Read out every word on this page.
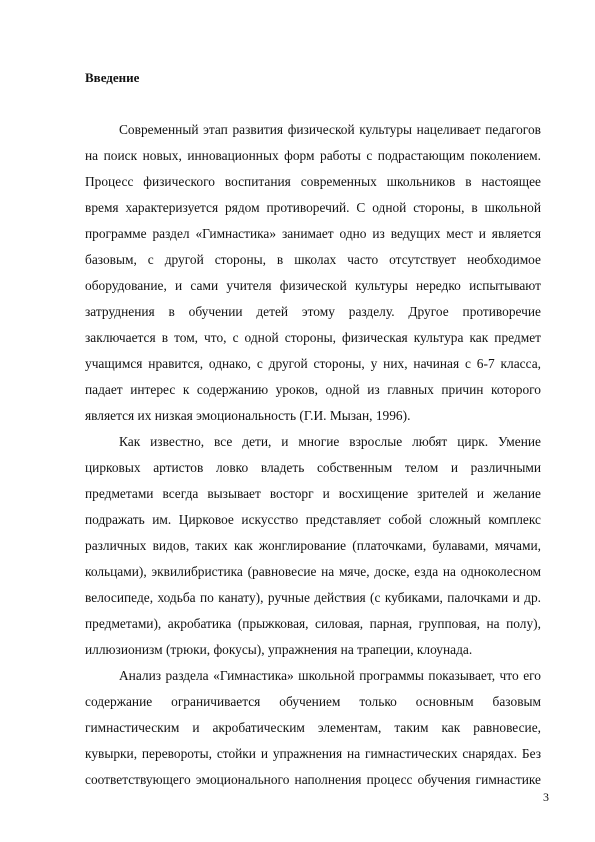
Введение
Современный этап развития физической культуры нацеливает педагогов
на поиск новых, инновационных форм работы с подрастающим поколением.
Процесс физического воспитания современных школьников в настоящее
время характеризуется рядом противоречий. С одной стороны, в школьной
программе раздел «Гимнастика» занимает одно из ведущих мест и является
базовым, с другой стороны, в школах часто отсутствует необходимое
оборудование, и сами учителя физической культуры нередко испытывают
затруднения в обучении детей этому разделу. Другое противоречие
заключается в том, что, с одной стороны, физическая культура как предмет
учащимся нравится, однако, с другой стороны, у них, начиная с 6-7 класса,
падает интерес к содержанию уроков, одной из главных причин которого
является их низкая эмоциональность (Г.И. Мызан, 1996).
Как известно, все дети, и многие взрослые любят цирк. Умение
цирковых артистов ловко владеть собственным телом и различными
предметами всегда вызывает восторг и восхищение зрителей и желание
подражать им. Цирковое искусство представляет собой сложный комплекс
различных видов, таких как жонглирование (платочками, булавами, мячами,
кольцами), эквилибристика (равновесие на мяче, доске, езда на одноколесном
велосипеде, ходьба по канату), ручные действия (с кубиками, палочками и др.
предметами), акробатика (прыжковая, силовая, парная, групповая, на полу),
иллюзионизм (трюки, фокусы), упражнения на трапеции, клоунада.
Анализ раздела «Гимнастика» школьной программы показывает, что его
содержание ограничивается обучением только основным базовым
гимнастическим и акробатическим элементам, таким как равновесие,
кувырки, перевороты, стойки и упражнения на гимнастических снарядах. Без
соответствующего эмоционального наполнения процесс обучения гимнастике
3
